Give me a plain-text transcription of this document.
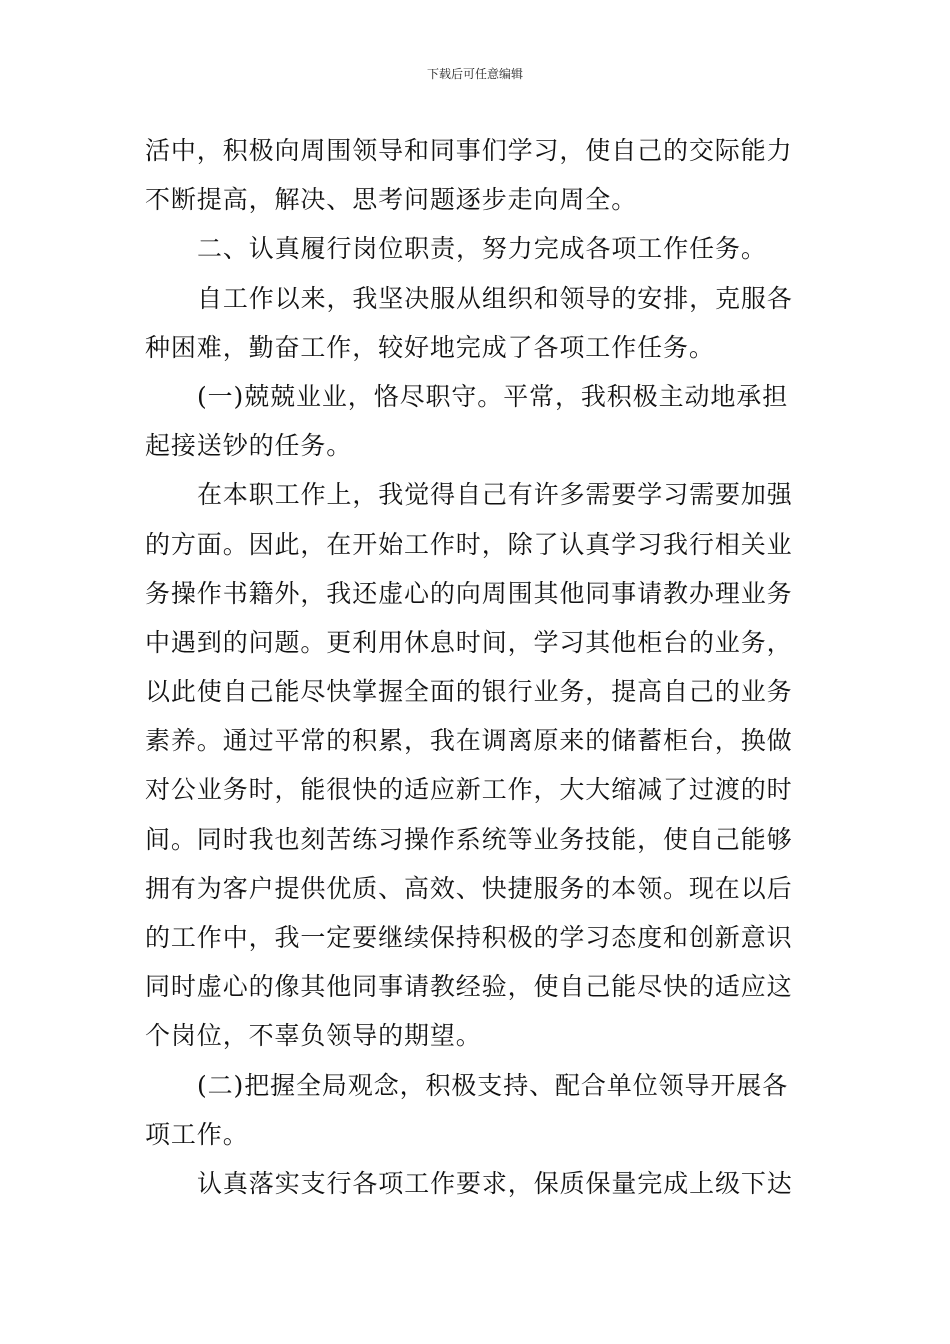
下载后可任意编辑
活中，积极向周围领导和同事们学习，使自己的交际能力
不断提高，解决、思考问题逐步走向周全。
二、认真履行岗位职责，努力完成各项工作任务。
自工作以来，我坚决服从组织和领导的安排，克服各
种困难，勤奋工作，较好地完成了各项工作任务。
(一)兢兢业业，恪尽职守。平常，我积极主动地承担
起接送钞的任务。
在本职工作上，我觉得自己有许多需要学习需要加强
的方面。因此，在开始工作时，除了认真学习我行相关业
务操作书籍外，我还虚心的向周围其他同事请教办理业务
中遇到的问题。更利用休息时间，学习其他柜台的业务，
以此使自己能尽快掌握全面的银行业务，提高自己的业务
素养。通过平常的积累，我在调离原来的储蓄柜台，换做
对公业务时，能很快的适应新工作，大大缩减了过渡的时
间。同时我也刻苦练习操作系统等业务技能，使自己能够
拥有为客户提供优质、高效、快捷服务的本领。现在以后
的工作中，我一定要继续保持积极的学习态度和创新意识
同时虚心的像其他同事请教经验，使自己能尽快的适应这
个岗位，不辜负领导的期望。
(二)把握全局观念，积极支持、配合单位领导开展各
项工作。
认真落实支行各项工作要求，保质保量完成上级下达
